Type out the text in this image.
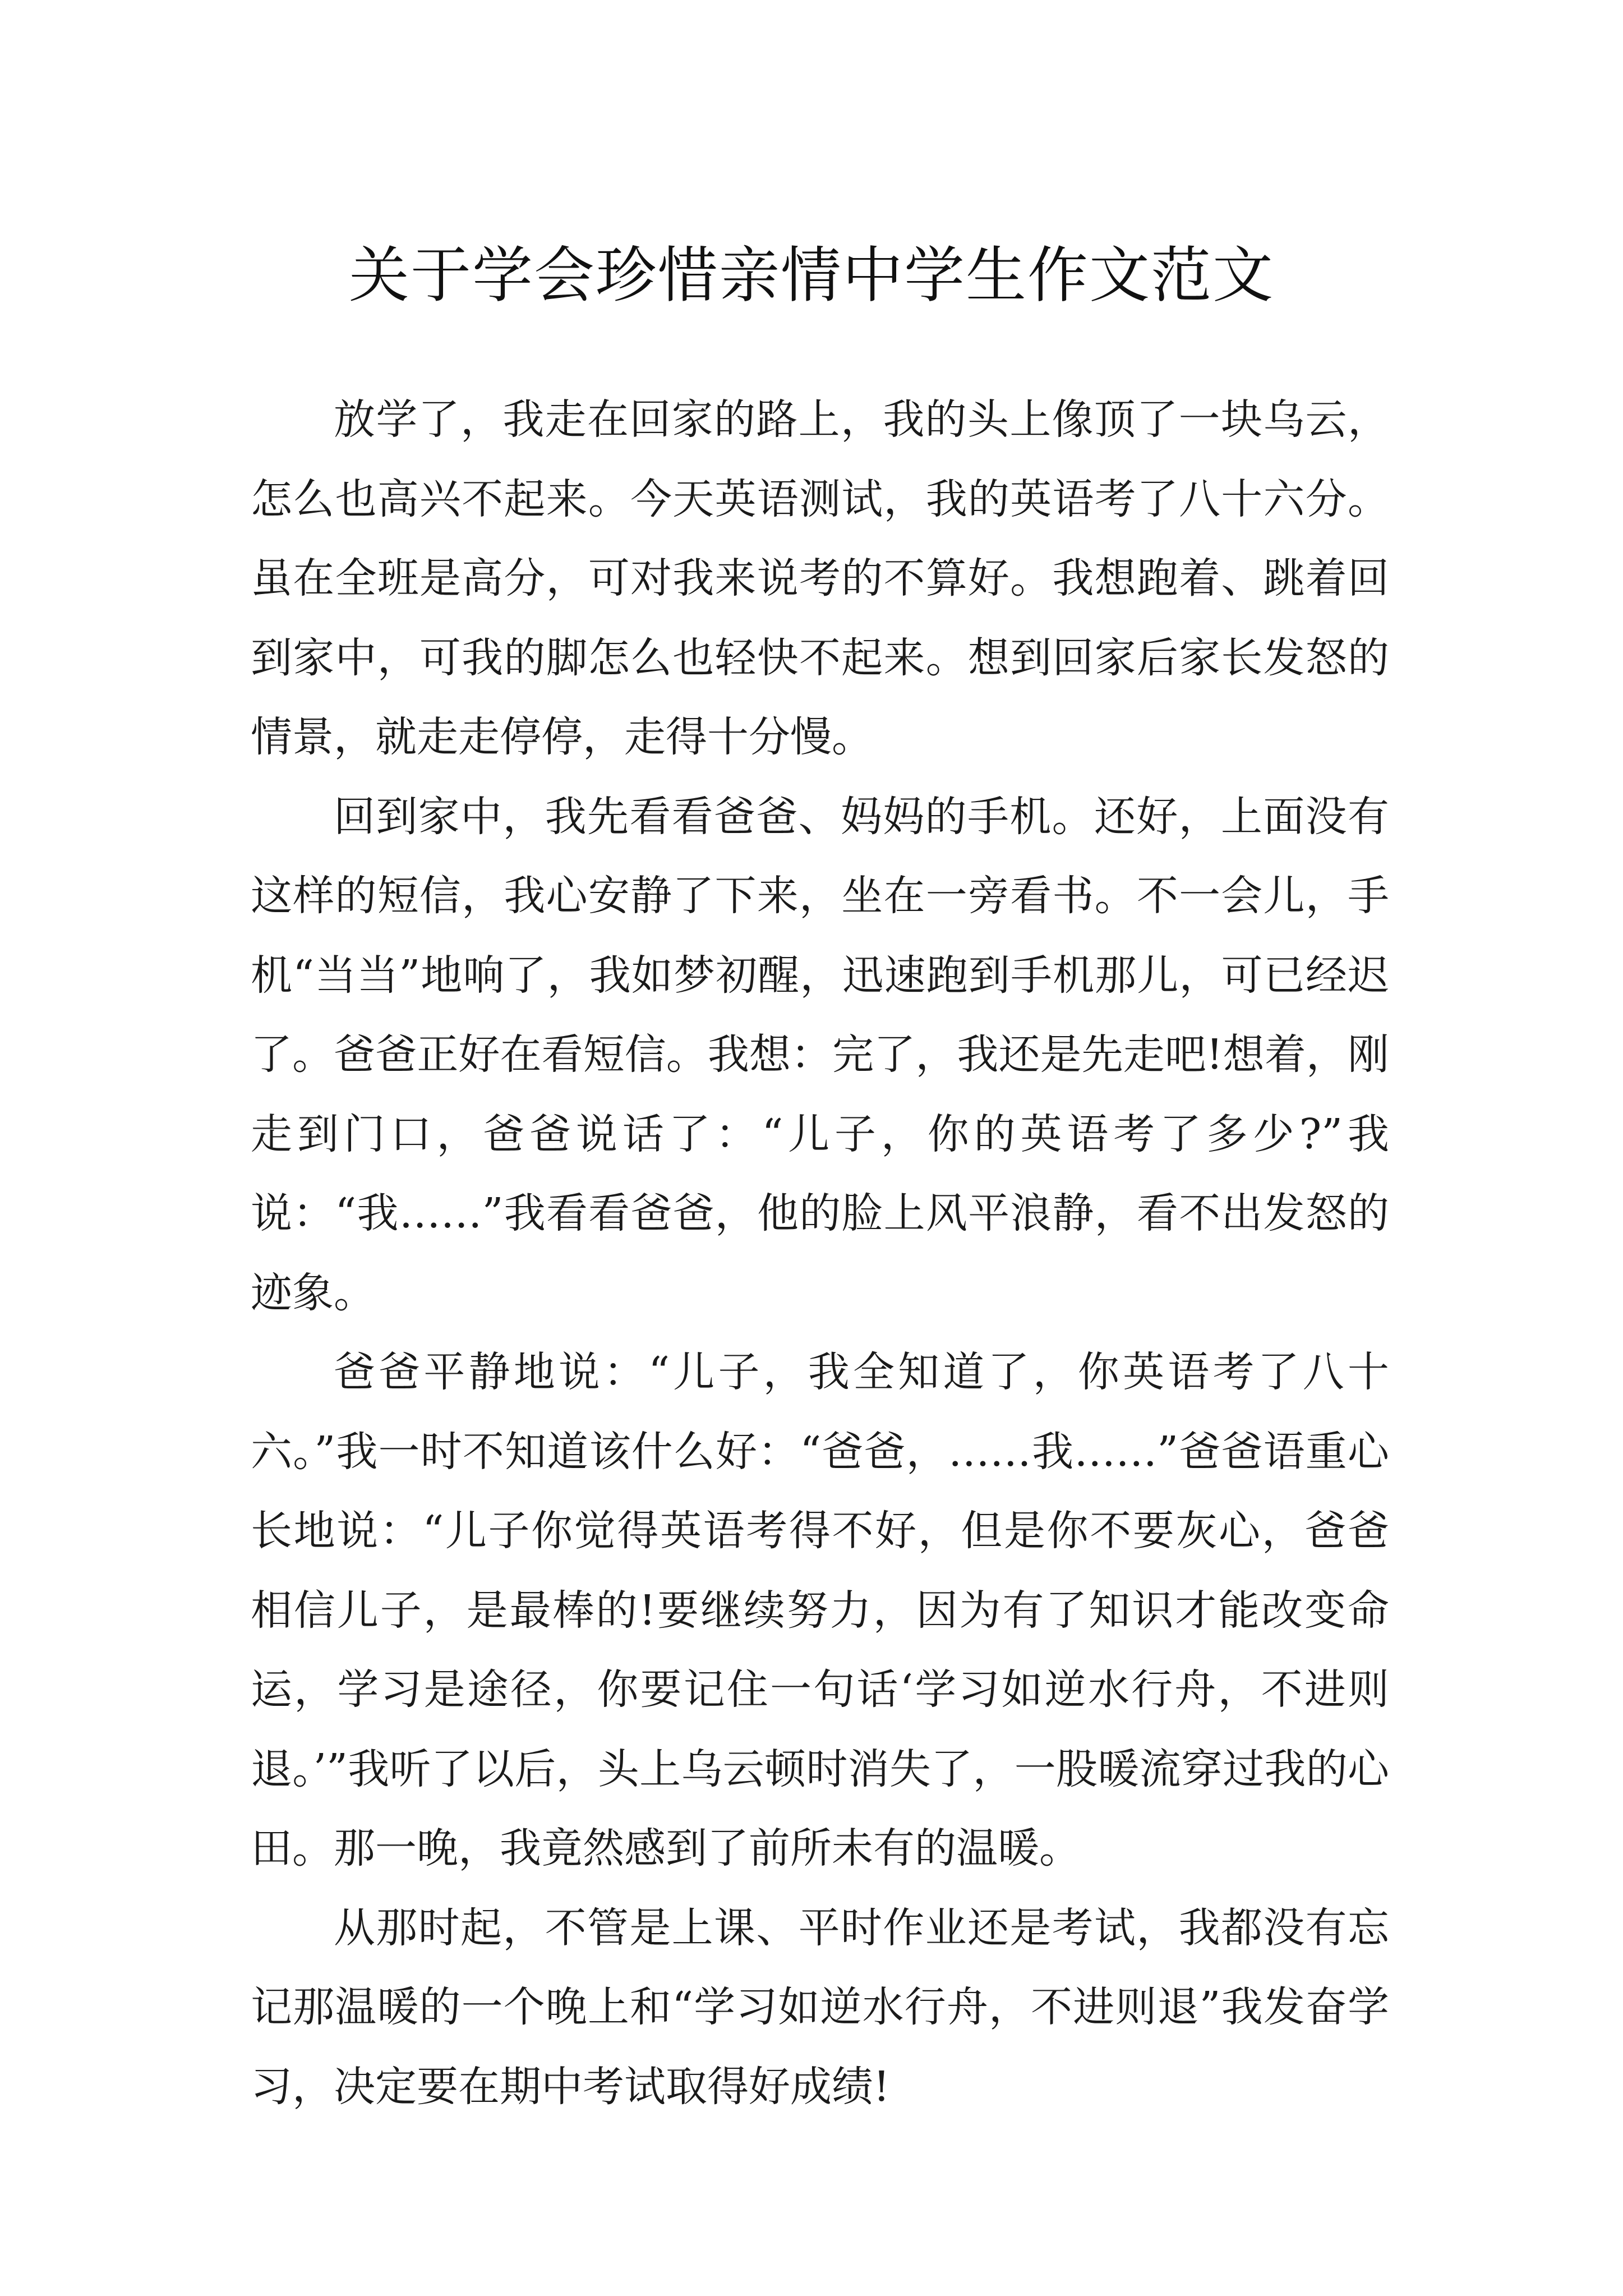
关于学会珍惜亲情中学生作文范文

放学了，我走在回家的路上，我的头上像顶了一块乌云，怎么也高兴不起来。今天英语测试，我的英语考了八十六分。虽在全班是高分，可对我来说考的不算好。我想跑着、跳着回到家中，可我的脚怎么也轻快不起来。想到回家后家长发怒的情景，就走走停停，走得十分慢。

回到家中，我先看看爸爸、妈妈的手机。还好，上面没有这样的短信，我心安静了下来，坐在一旁看书。不一会儿，手机“当当”地响了，我如梦初醒，迅速跑到手机那儿，可已经迟了。爸爸正好在看短信。我想：完了，我还是先走吧!想着，刚走到门口，爸爸说话了：“儿子，你的英语考了多少?”我说：“我……”我看看爸爸，他的脸上风平浪静，看不出发怒的迹象。

爸爸平静地说：“儿子，我全知道了，你英语考了八十六。”我一时不知道该什么好：“爸爸，……我……”爸爸语重心长地说：“儿子你觉得英语考得不好，但是你不要灰心，爸爸相信儿子，是最棒的!要继续努力，因为有了知识才能改变命运，学习是途径，你要记住一句话‘学习如逆水行舟，不进则退。’”我听了以后，头上乌云顿时消失了，一股暖流穿过我的心田。那一晚，我竟然感到了前所未有的温暖。

从那时起，不管是上课、平时作业还是考试，我都没有忘记那温暖的一个晚上和“学习如逆水行舟，不进则退”我发奋学习，决定要在期中考试取得好成绩!
